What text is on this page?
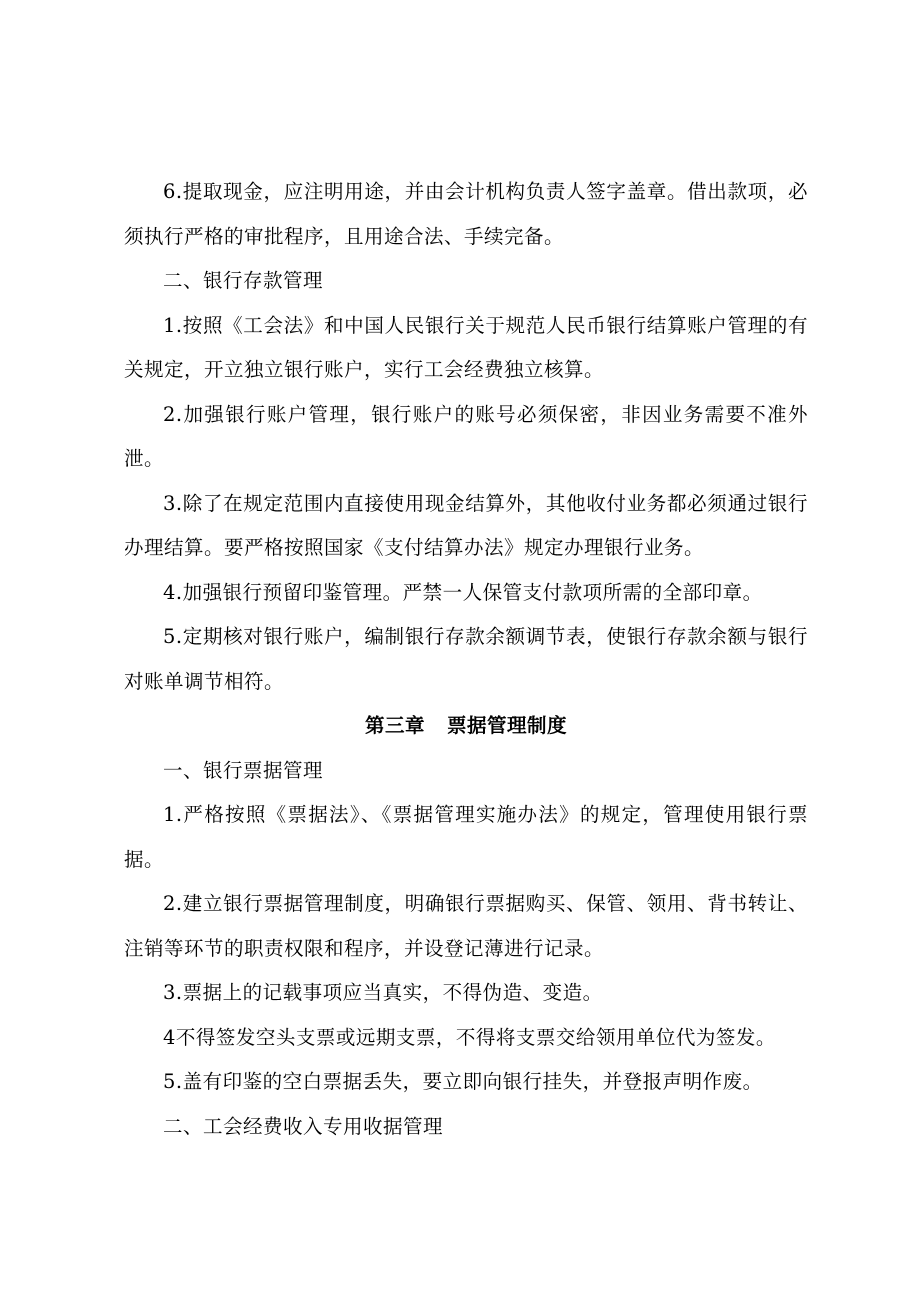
6.提取现金，应注明用途，并由会计机构负责人签字盖章。借出款项，必须执行严格的审批程序，且用途合法、手续完备。

二、银行存款管理

1.按照《工会法》和中国人民银行关于规范人民币银行结算账户管理的有关规定，开立独立银行账户，实行工会经费独立核算。

2.加强银行账户管理，银行账户的账号必须保密，非因业务需要不准外泄。

3.除了在规定范围内直接使用现金结算外，其他收付业务都必须通过银行办理结算。要严格按照国家《支付结算办法》规定办理银行业务。

4.加强银行预留印鉴管理。严禁一人保管支付款项所需的全部印章。

5.定期核对银行账户，编制银行存款余额调节表，使银行存款余额与银行对账单调节相符。

第三章 票据管理制度

一、银行票据管理

1.严格按照《票据法》、《票据管理实施办法》的规定，管理使用银行票据。

2.建立银行票据管理制度，明确银行票据购买、保管、领用、背书转让、注销等环节的职责权限和程序，并设登记薄进行记录。

3.票据上的记载事项应当真实，不得伪造、变造。

4不得签发空头支票或远期支票，不得将支票交给领用单位代为签发。

5.盖有印鉴的空白票据丢失，要立即向银行挂失，并登报声明作废。

二、工会经费收入专用收据管理
